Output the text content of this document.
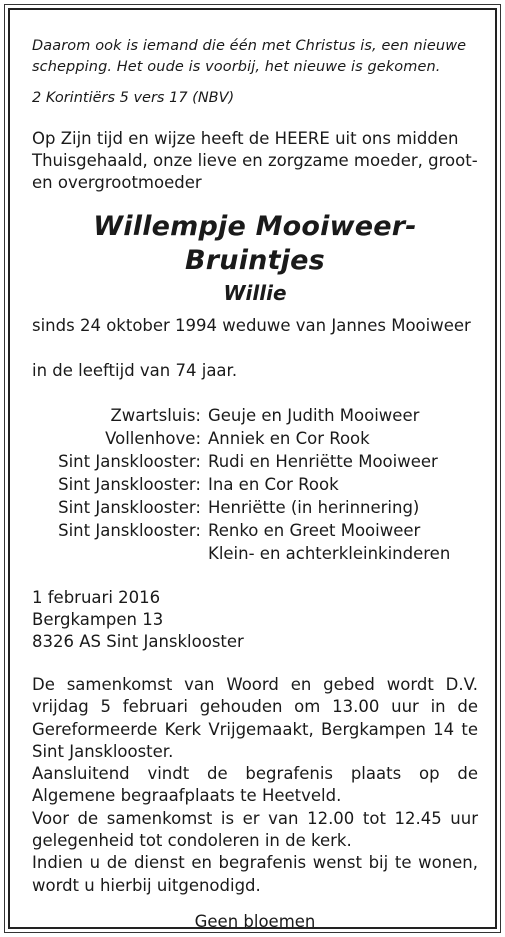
Daarom ook is iemand die één met Christus is, een nieuwe

schepping. Het oude is voorbij, het nieuwe is gekomen.

2 Korintiërs 5 vers 17 (NBV)

Op Zijn tijd en wijze heeft de HEERE uit ons midden
Thuisgehaald, onze lieve en zorgzame moeder, groot-
en overgrootmoeder
Willempje Mooiweer-Bruintjes
Willie

sinds 24 oktober 1994 weduwe van Jannes Mooiweer

in de leeftijd van 74 jaar.

Zwartsluis: Geuje en Judith Mooiweer
Vollenhove: Anniek en Cor Rook
Sint Jansklooster: Rudi en Henriëtte Mooiweer
Sint Jansklooster: Ina en Cor Rook
Sint Jansklooster: Henriëtte (in herinnering)
Sint Jansklooster: Renko en Greet Mooiweer
Klein- en achterkleinkinderen
1 februari 2016
Bergkampen 13
8326 AS Sint Jansklooster

De samenkomst van Woord en gebed wordt D.V. vrijdag 5 februari gehouden om 13.00 uur in de Gereformeerde Kerk Vrijgemaakt, Bergkampen 14 te Sint Jansklooster.

Aansluitend vindt de begrafenis plaats op de Algemene begraafplaats te Heetveld.

Voor de samenkomst is er van 12.00 tot 12.45 uur gelegenheid tot condoleren in de kerk.

Indien u de dienst en begrafenis wenst bij te wonen, wordt u hierbij uitgenodigd.

Geen bloemen
